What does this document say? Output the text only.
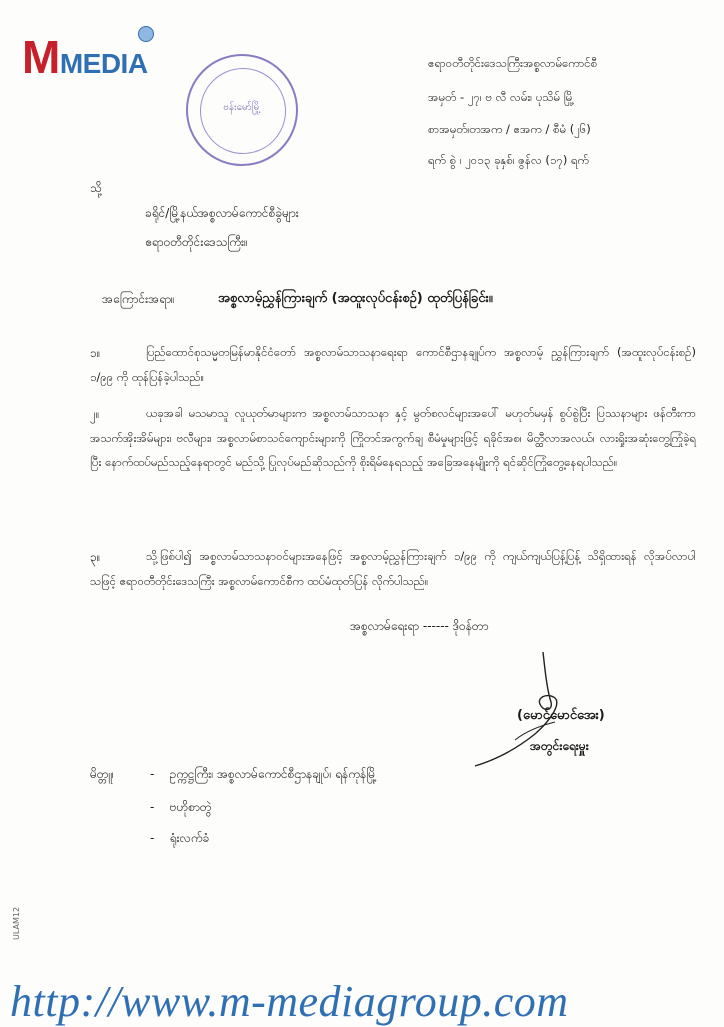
MMEDIA
ဗန်းမော်မြို့
ဧရာဝတီတိုင်းဒေသကြီးအစ္စလာမ်ကောင်စီ
အမှတ် - ၂၇၊ ဗ လီ လမ်း၊ ပုသိမ် မြို့
စာအမှတ်၊တအက / ဧအက / စီမံ (၂၆)
ရက် စွဲ ၊ ၂၀၁၃ ခုနှစ်၊ ဇွန်လ (၁၇) ရက်
သို့
ခရိုင်/မြို့နယ်အစ္စလာမ်ကောင်စီခွဲများ
ဧရာဝတီတိုင်းဒေသကြီး။
အကြောင်းအရာ။	အစ္စလာမ့်ညွှန်ကြားချက် (အထူးလုပ်ငန်းစဉ်) ထုတ်ပြန်ခြင်း။
၁။	ပြည်ထောင်စုသမ္မတမြန်မာနိုင်ငံတော် အစ္စလာမ်သာသနာရေးရာ ကောင်စီဌာနချုပ်က အစ္စလာမ့် ညွှန်ကြားချက် (အထူးလုပ်ငန်းစဉ်) ၁/၉၉ ကို ထုန်ပြန်ခဲ့ပါသည်။

၂။	ယခုအခါ မသမာသူ လူယုတ်မာများက အစ္စလာမ်သာသနာ နှင့် မွတ်စလင်များအပေါ် မဟုတ်မမှန် စွပ်စွဲပြီး ပြဿနာများ ဖန်တီးကာ အသက်အိုးအိမ်များ၊ ဗလီများ၊ အစ္စလာမ်စာသင်ကျောင်းများကို ကြိုတင်အကွက်ချ စီမံမှုများဖြင့် ရခိုင်အစ၊ မိတ္ထီလာအလယ်၊ လားရှိုးအဆုံးတွေ့ကြုံခဲ့ရပြီး နောက်ထပ်မည်သည့်နေရာတွင် မည်သို့ ပြုလုပ်မည်ဆိုသည်ကို စိုးရိမ်နေရသည့် အခြေအနေမျိုးကို ရင်ဆိုင်ကြုံတွေ့နေရပါသည်။

၃။	သို့ဖြစ်ပါ၍ အစ္စလာမ်သာသနာဝင်များအနေဖြင့် အစ္စလာမ့်ညွှန်ကြားချက် ၁/၉၉ ကို ကျယ်ကျယ်ပြန့်ပြန့် သိရှိထားရန် လိုအပ်လာပါသဖြင့် ဧရာဝတီတိုင်းဒေသကြီး အစ္စလာမ်ကောင်စီက ထပ်မံထုတ်ပြန် လိုက်ပါသည်။

အစ္စလာမ်ရေးရာ ------ ဒိုဝန်တာ
(မောင်မောင်အေး)
အတွင်းရေးမှူး
မိတ္တူ၊	-    ဥက္ကဋ္ဌကြီး၊ အစ္စလာမ်ကောင်စီဌာနချုပ်၊ ရန်ကုန်မြို့
-    ဗဟိုစာတွဲ
-    ရုံးလက်ခံ
ULAM12
http://www.m-mediagroup.com
